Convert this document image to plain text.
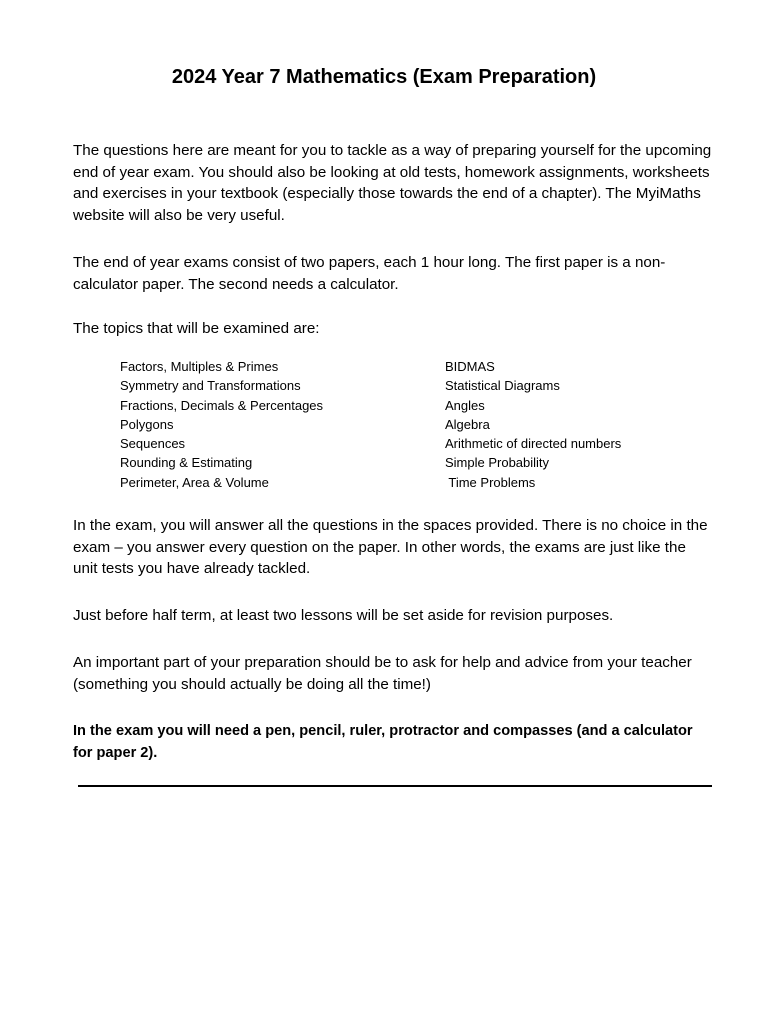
2024 Year 7 Mathematics (Exam Preparation)

The questions here are meant for you to tackle as a way of preparing yourself for the upcoming end of year exam. You should also be looking at old tests, homework assignments, worksheets and exercises in your textbook (especially those towards the end of a chapter). The MyiMaths website will also be very useful.

The end of year exams consist of two papers, each 1 hour long. The first paper is a non-calculator paper. The second needs a calculator.

The topics that will be examined are:

Factors, Multiples & Primes	BIDMAS
Symmetry and Transformations	Statistical Diagrams
Fractions, Decimals & Percentages	Angles
Polygons	Algebra
Sequences	Arithmetic of directed numbers
Rounding & Estimating	Simple Probability
Perimeter, Area & Volume	Time Problems

In the exam, you will answer all the questions in the spaces provided. There is no choice in the exam – you answer every question on the paper. In other words, the exams are just like the unit tests you have already tackled.

Just before half term, at least two lessons will be set aside for revision purposes.

An important part of your preparation should be to ask for help and advice from your teacher (something you should actually be doing all the time!)

In the exam you will need a pen, pencil, ruler, protractor and compasses (and a calculator for paper 2).
